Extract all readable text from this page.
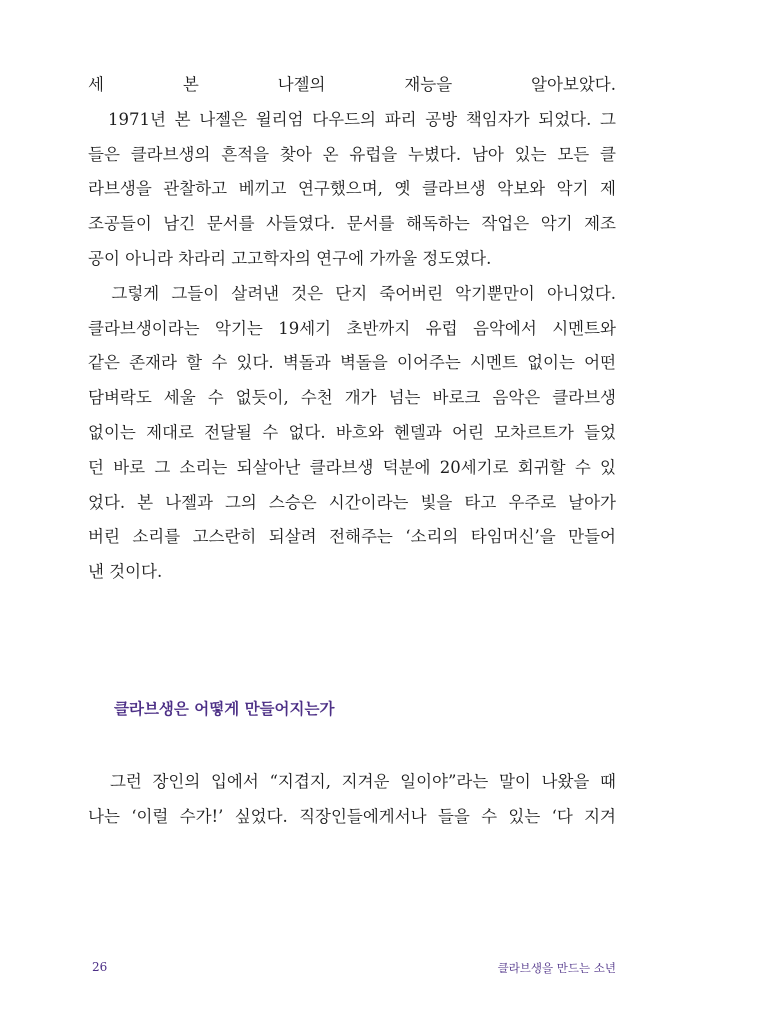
세 본 나젤의 재능을 알아보았다.
　1971년 본 나젤은 윌리엄 다우드의 파리 공방 책임자가 되었다. 그
들은 클라브생의 흔적을 찾아 온 유럽을 누볐다. 남아 있는 모든 클
라브생을 관찰하고 베끼고 연구했으며, 옛 클라브생 악보와 악기 제
조공들이 남긴 문서를 사들였다. 문서를 해독하는 작업은 악기 제조
공이 아니라 차라리 고고학자의 연구에 가까울 정도였다.
　그렇게 그들이 살려낸 것은 단지 죽어버린 악기뿐만이 아니었다.
클라브생이라는 악기는 19세기 초반까지 유럽 음악에서 시멘트와
같은 존재라 할 수 있다. 벽돌과 벽돌을 이어주는 시멘트 없이는 어떤
담벼락도 세울 수 없듯이, 수천 개가 넘는 바로크 음악은 클라브생
없이는 제대로 전달될 수 없다. 바흐와 헨델과 어린 모차르트가 들었
던 바로 그 소리는 되살아난 클라브생 덕분에 20세기로 회귀할 수 있
었다. 본 나젤과 그의 스승은 시간이라는 빛을 타고 우주로 날아가
버린 소리를 고스란히 되살려 전해주는 ‘소리의 타임머신’을 만들어
낸 것이다.
클라브생은 어떻게 만들어지는가
　그런 장인의 입에서 “지겹지, 지겨운 일이야”라는 말이 나왔을 때
나는 ‘이럴 수가!’ 싶었다. 직장인들에게서나 들을 수 있는 ‘다 지겨
26	클라브생을 만드는 소년
